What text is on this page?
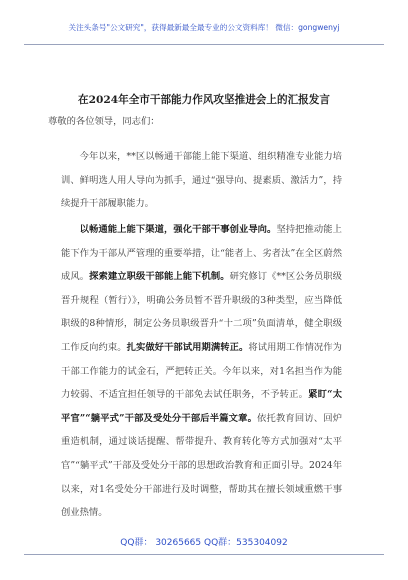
关注头条号"公文研究"，获得最新最全最专业的公文资料库！ 微信：gongwenyj
在2024年全市干部能力作风攻坚推进会上的汇报发言
尊敬的各位领导，同志们：

今年以来，**区以畅通干部能上能下渠道、组织精准专业能力培训、鲜明选人用人导向为抓手，通过“强导向、提素质、激活力”，持续提升干部履职能力。

以畅通能上能下渠道，强化干部干事创业导向。坚持把推动能上能下作为干部从严管理的重要举措，让“能者上、劣者汰”在全区蔚然成风。探索建立职级干部能上能下机制。研究修订《**区公务员职级晋升规程（暂行）》，明确公务员暂不晋升职级的3种类型，应当降低职级的8种情形，制定公务员职级晋升“十二项”负面清单，健全职级工作反向约束。扎实做好干部试用期满转正。将试用期工作情况作为干部工作能力的试金石，严把转正关。今年以来，对1名担当作为能力较弱、不适宜担任领导的干部免去试任职务，不予转正。紧盯“太平官”“躺平式”干部及受处分干部后半篇文章。依托教育回访、回炉重造机制，通过谈话提醒、帮带提升、教育转化等方式加强对“太平官”“躺平式”干部及受处分干部的思想政治教育和正面引导。2024年以来，对1名受处分干部进行及时调整，帮助其在擅长领域重燃干事创业热情。

QQ群： 30265665 QQ群：535304092
